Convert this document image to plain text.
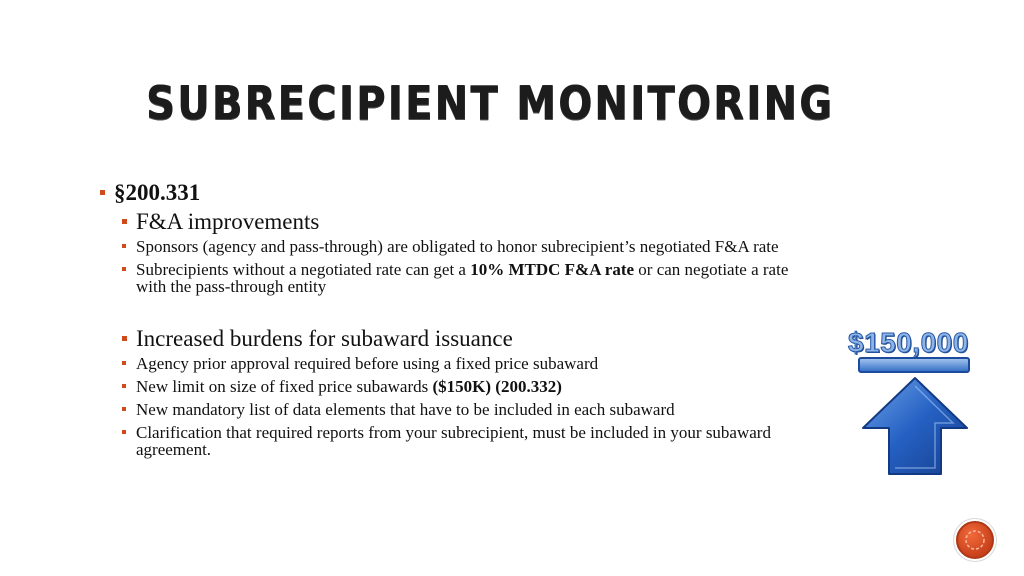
SUBRECIPIENT MONITORING
§200.331
F&A improvements
Sponsors (agency and pass-through) are obligated to honor subrecipient’s negotiated F&A rate
Subrecipients without a negotiated rate can get a 10% MTDC F&A rate or can negotiate a rate with the pass-through entity
Increased burdens for subaward issuance
Agency prior approval required before using a fixed price subaward
New limit on size of fixed price subawards ($150K) (200.332)
New mandatory list of data elements that have to be included in each subaward
Clarification that required reports from your subrecipient, must be included in your subaward agreement.
$150,000
